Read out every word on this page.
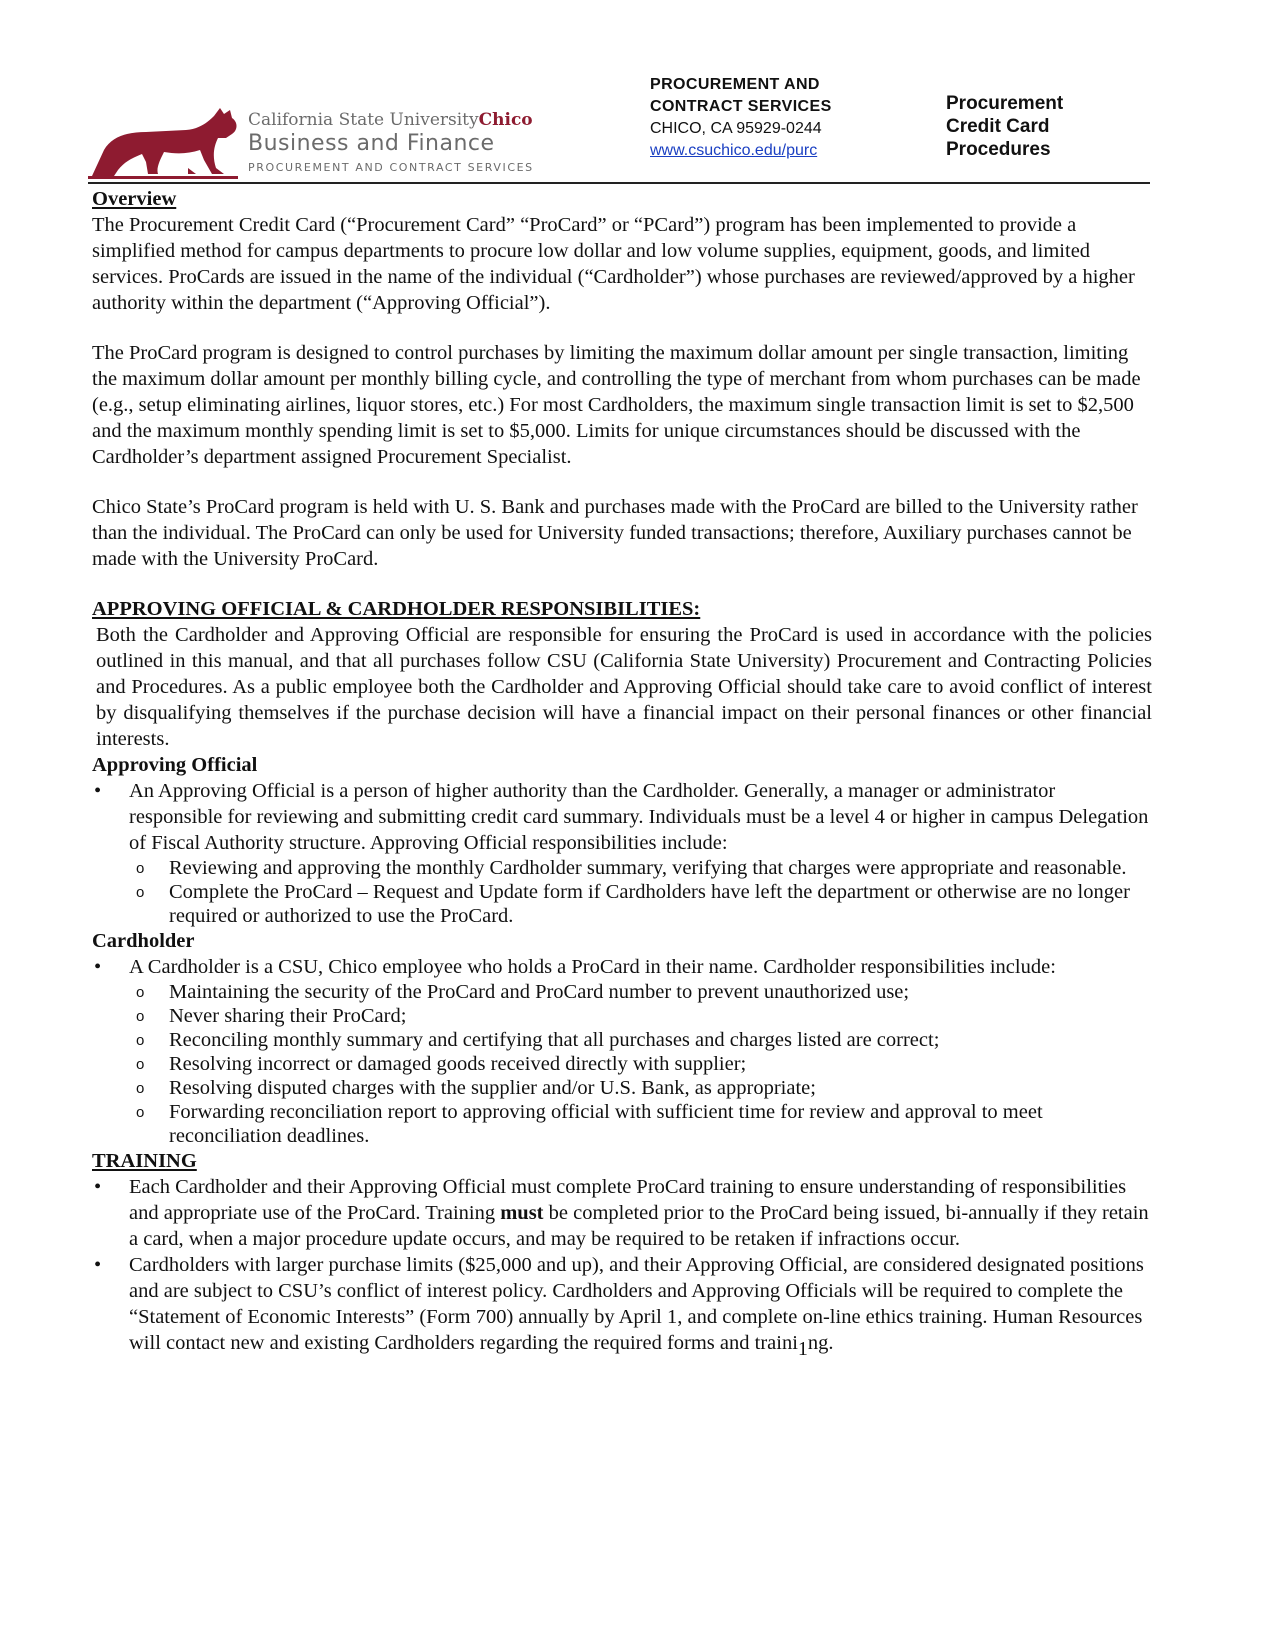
California State UniversityChico
Business and Finance
PROCUREMENT AND CONTRACT SERVICES
PROCUREMENT AND
CONTRACT SERVICES
CHICO, CA 95929-0244
www.csuchico.edu/purc
Procurement
Credit Card
Procedures

Overview

The Procurement Credit Card (“Procurement Card” “ProCard” or “PCard”) program has been implemented to provide a simplified method for campus departments to procure low dollar and low volume supplies, equipment, goods, and limited services. ProCards are issued in the name of the individual (“Cardholder”) whose purchases are reviewed/approved by a higher authority within the department (“Approving Official”).

The ProCard program is designed to control purchases by limiting the maximum dollar amount per single transaction, limiting the maximum dollar amount per monthly billing cycle, and controlling the type of merchant from whom purchases can be made (e.g., setup eliminating airlines, liquor stores, etc.) For most Cardholders, the maximum single transaction limit is set to $2,500 and the maximum monthly spending limit is set to $5,000. Limits for unique circumstances should be discussed with the Cardholder’s department assigned Procurement Specialist.

Chico State’s ProCard program is held with U. S. Bank and purchases made with the ProCard are billed to the University rather than the individual. The ProCard can only be used for University funded transactions; therefore, Auxiliary purchases cannot be made with the University ProCard.

APPROVING OFFICIAL & CARDHOLDER RESPONSIBILITIES:

Both the Cardholder and Approving Official are responsible for ensuring the ProCard is used in accordance with the policies outlined in this manual, and that all purchases follow CSU (California State University) Procurement and Contracting Policies and Procedures. As a public employee both the Cardholder and Approving Official should take care to avoid conflict of interest by disqualifying themselves if the purchase decision will have a financial impact on their personal finances or other financial interests.

Approving Official

• An Approving Official is a person of higher authority than the Cardholder. Generally, a manager or administrator responsible for reviewing and submitting credit card summary. Individuals must be a level 4 or higher in campus Delegation of Fiscal Authority structure. Approving Official responsibilities include:
o Reviewing and approving the monthly Cardholder summary, verifying that charges were appropriate and reasonable.
o Complete the ProCard – Request and Update form if Cardholders have left the department or otherwise are no longer required or authorized to use the ProCard.

Cardholder

• A Cardholder is a CSU, Chico employee who holds a ProCard in their name. Cardholder responsibilities include:
o Maintaining the security of the ProCard and ProCard number to prevent unauthorized use;
o Never sharing their ProCard;
o Reconciling monthly summary and certifying that all purchases and charges listed are correct;
o Resolving incorrect or damaged goods received directly with supplier;
o Resolving disputed charges with the supplier and/or U.S. Bank, as appropriate;
o Forwarding reconciliation report to approving official with sufficient time for review and approval to meet reconciliation deadlines.

TRAINING

• Each Cardholder and their Approving Official must complete ProCard training to ensure understanding of responsibilities and appropriate use of the ProCard. Training must be completed prior to the ProCard being issued, bi-annually if they retain a card, when a major procedure update occurs, and may be required to be retaken if infractions occur.
• Cardholders with larger purchase limits ($25,000 and up), and their Approving Official, are considered designated positions and are subject to CSU’s conflict of interest policy. Cardholders and Approving Officials will be required to complete the “Statement of Economic Interests” (Form 700) annually by April 1, and complete on-line ethics training. Human Resources will contact new and existing Cardholders regarding the required forms and traini1ng.
